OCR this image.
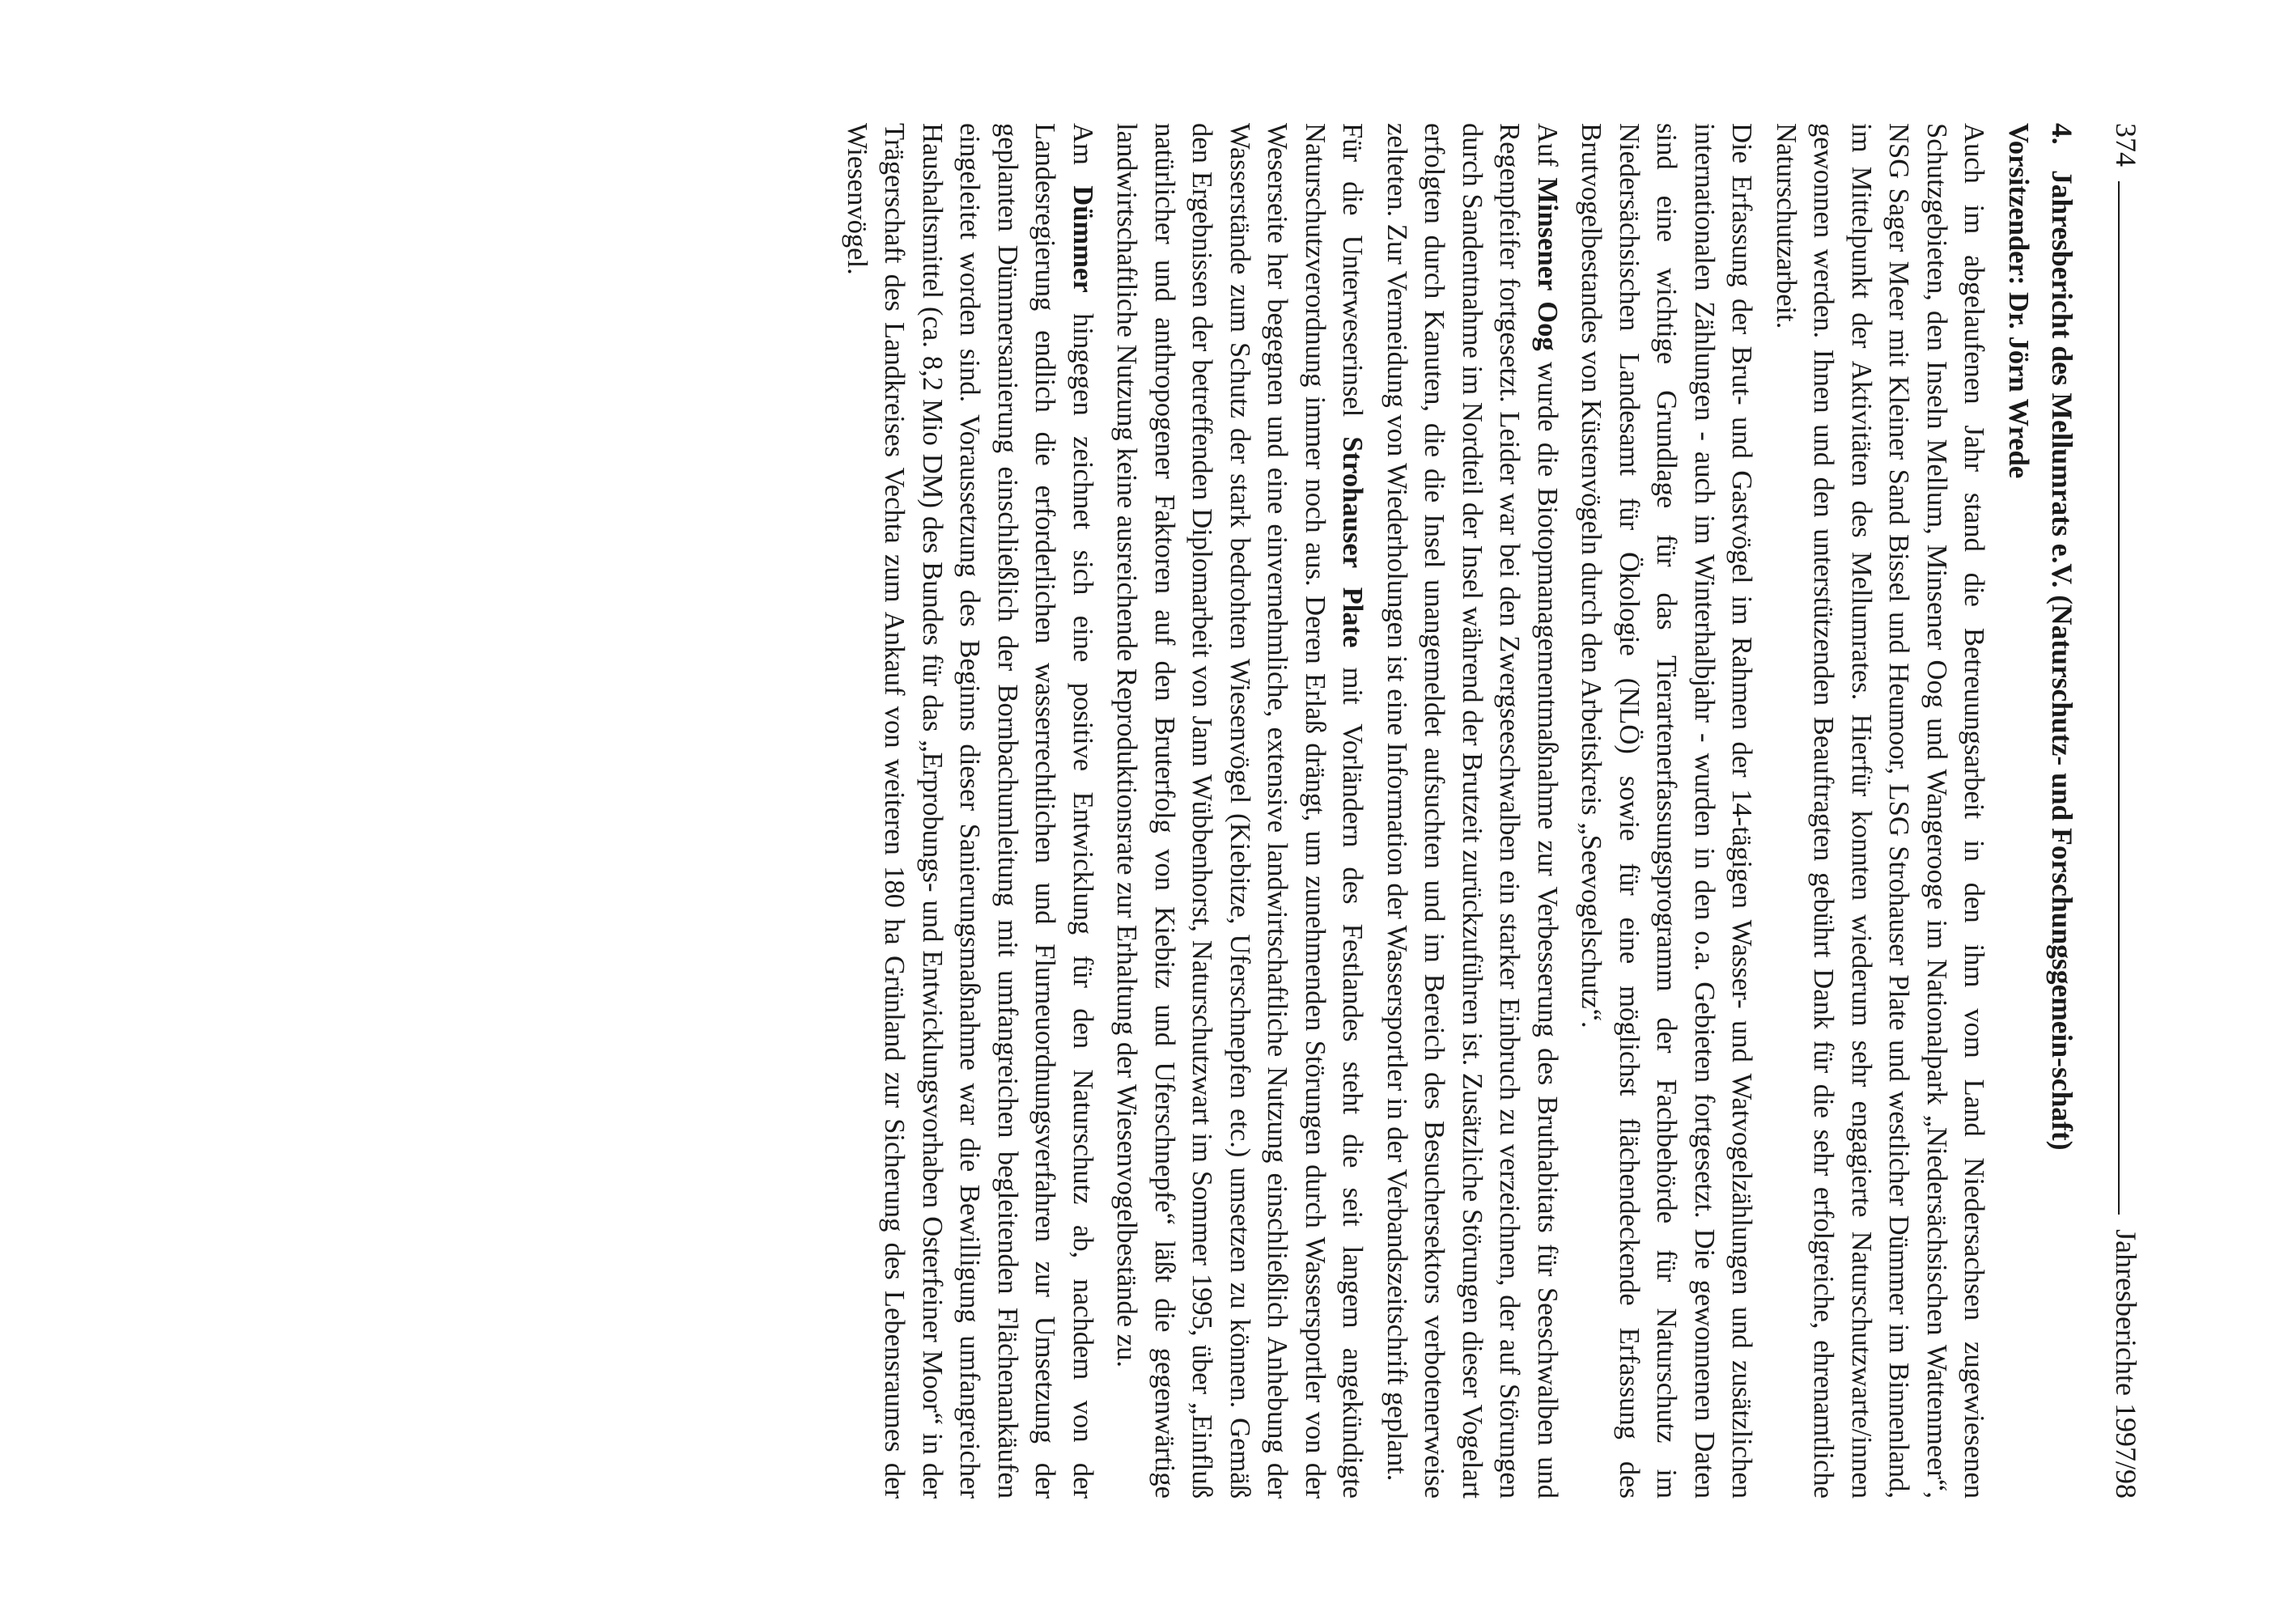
374
Jahresberichte 1997/98
4.
Jahresbericht des Mellumrats e.V. (Naturschutz- und Forschungsgemein-schaft)

Vorsitzender: Dr. Jörn Wrede

Auch im abgelaufenen Jahr stand die Betreuungsarbeit in den ihm vom Land Niedersachsen zugewiesenen Schutzgebieten, den Inseln Mellum, Minsener Oog und Wangerooge im Nationalpark „Niedersächsischen Wattenmeer“, NSG Sager Meer mit Kleiner Sand Bissel und Heumoor, LSG Strohauser Plate und westlicher Dümmer im Binnenland, im Mittelpunkt der Aktivitäten des Mellumrates. Hierfür konnten wiederum sehr engagierte Naturschutzwarte/innen gewonnen werden. Ihnen und den unterstützenden Beauftragten gebührt Dank für die sehr erfolgreiche, ehrenamtliche Naturschutzarbeit.

Die Erfassung der Brut- und Gastvögel im Rahmen der 14-tägigen Wasser- und Watvogelzählungen und zusätzlichen internationalen Zählungen - auch im Winterhalbjahr - wurden in den o.a. Gebieten fortgesetzt. Die gewonnenen Daten sind eine wichtige Grundlage für das Tierartenerfassungsprogramm der Fachbehörde für Naturschutz im Niedersächsischen Landesamt für Ökologie (NLÖ) sowie für eine möglichst flächendeckende Erfassung des Brutvogelbestandes von Küstenvögeln durch den Arbeitskreis „Seevogelschutz“.

Auf Minsener Oog wurde die Biotopmanagementmaßnahme zur Verbesserung des Bruthabitats für Seeschwalben und Regenpfeifer fortgesetzt. Leider war bei den Zwergseeschwalben ein starker Einbruch zu verzeichnen, der auf Störungen durch Sandentnahme im Nordteil der Insel während der Brutzeit zurückzuführen ist. Zusätzliche Störungen dieser Vogelart erfolgten durch Kanuten, die die Insel unangemeldet aufsuchten und im Bereich des Besuchersektors verbotenerweise zelteten. Zur Vermeidung von Wiederholungen ist eine Information der Wassersportler in der Verbandszeitschrift geplant.

Für die Unterweserinsel Strohauser Plate mit Vorländern des Festlandes steht die seit langem angekündigte Naturschutzverordnung immer noch aus. Deren Erlaß drängt, um zunehmenden Störungen durch Wassersportler von der Weserseite her begegnen und eine einvernehmliche, extensive landwirtschaftliche Nutzung einschließlich Anhebung der Wasserstände zum Schutz der stark bedrohten Wiesenvögel (Kiebitze, Uferschnepfen etc.) umsetzen zu können. Gemäß den Ergebnissen der betreffenden Diplomarbeit von Jann Wübbenhorst, Naturschutzwart im Sommer 1995, über „Einfluß natürlicher und anthropogener Faktoren auf den Bruterfolg von Kiebitz und Uferschnepfe“ läßt die gegenwärtige landwirtschaftliche Nutzung keine ausreichende Reproduktionsrate zur Erhaltung der Wiesenvogelbestände zu.

Am Dümmer hingegen zeichnet sich eine positive Entwicklung für den Naturschutz ab, nachdem von der Landesregierung endlich die erforderlichen wasserrechtlichen und Flurneuordnungsverfahren zur Umsetzung der geplanten Dümmersanierung einschließlich der Bornbachumleitung mit umfangreichen begleitenden Flächenankäufen eingeleitet worden sind. Voraussetzung des Beginns dieser Sanierungsmaßnahme war die Bewilligung umfangreicher Haushaltsmittel (ca. 8,2 Mio DM) des Bundes für das „Erprobungs- und Entwicklungsvorhaben Osterfeiner Moor“ in der Trägerschaft des Landkreises Vechta zum Ankauf von weiteren 180 ha Grünland zur Sicherung des Lebensraumes der Wiesenvögel.
